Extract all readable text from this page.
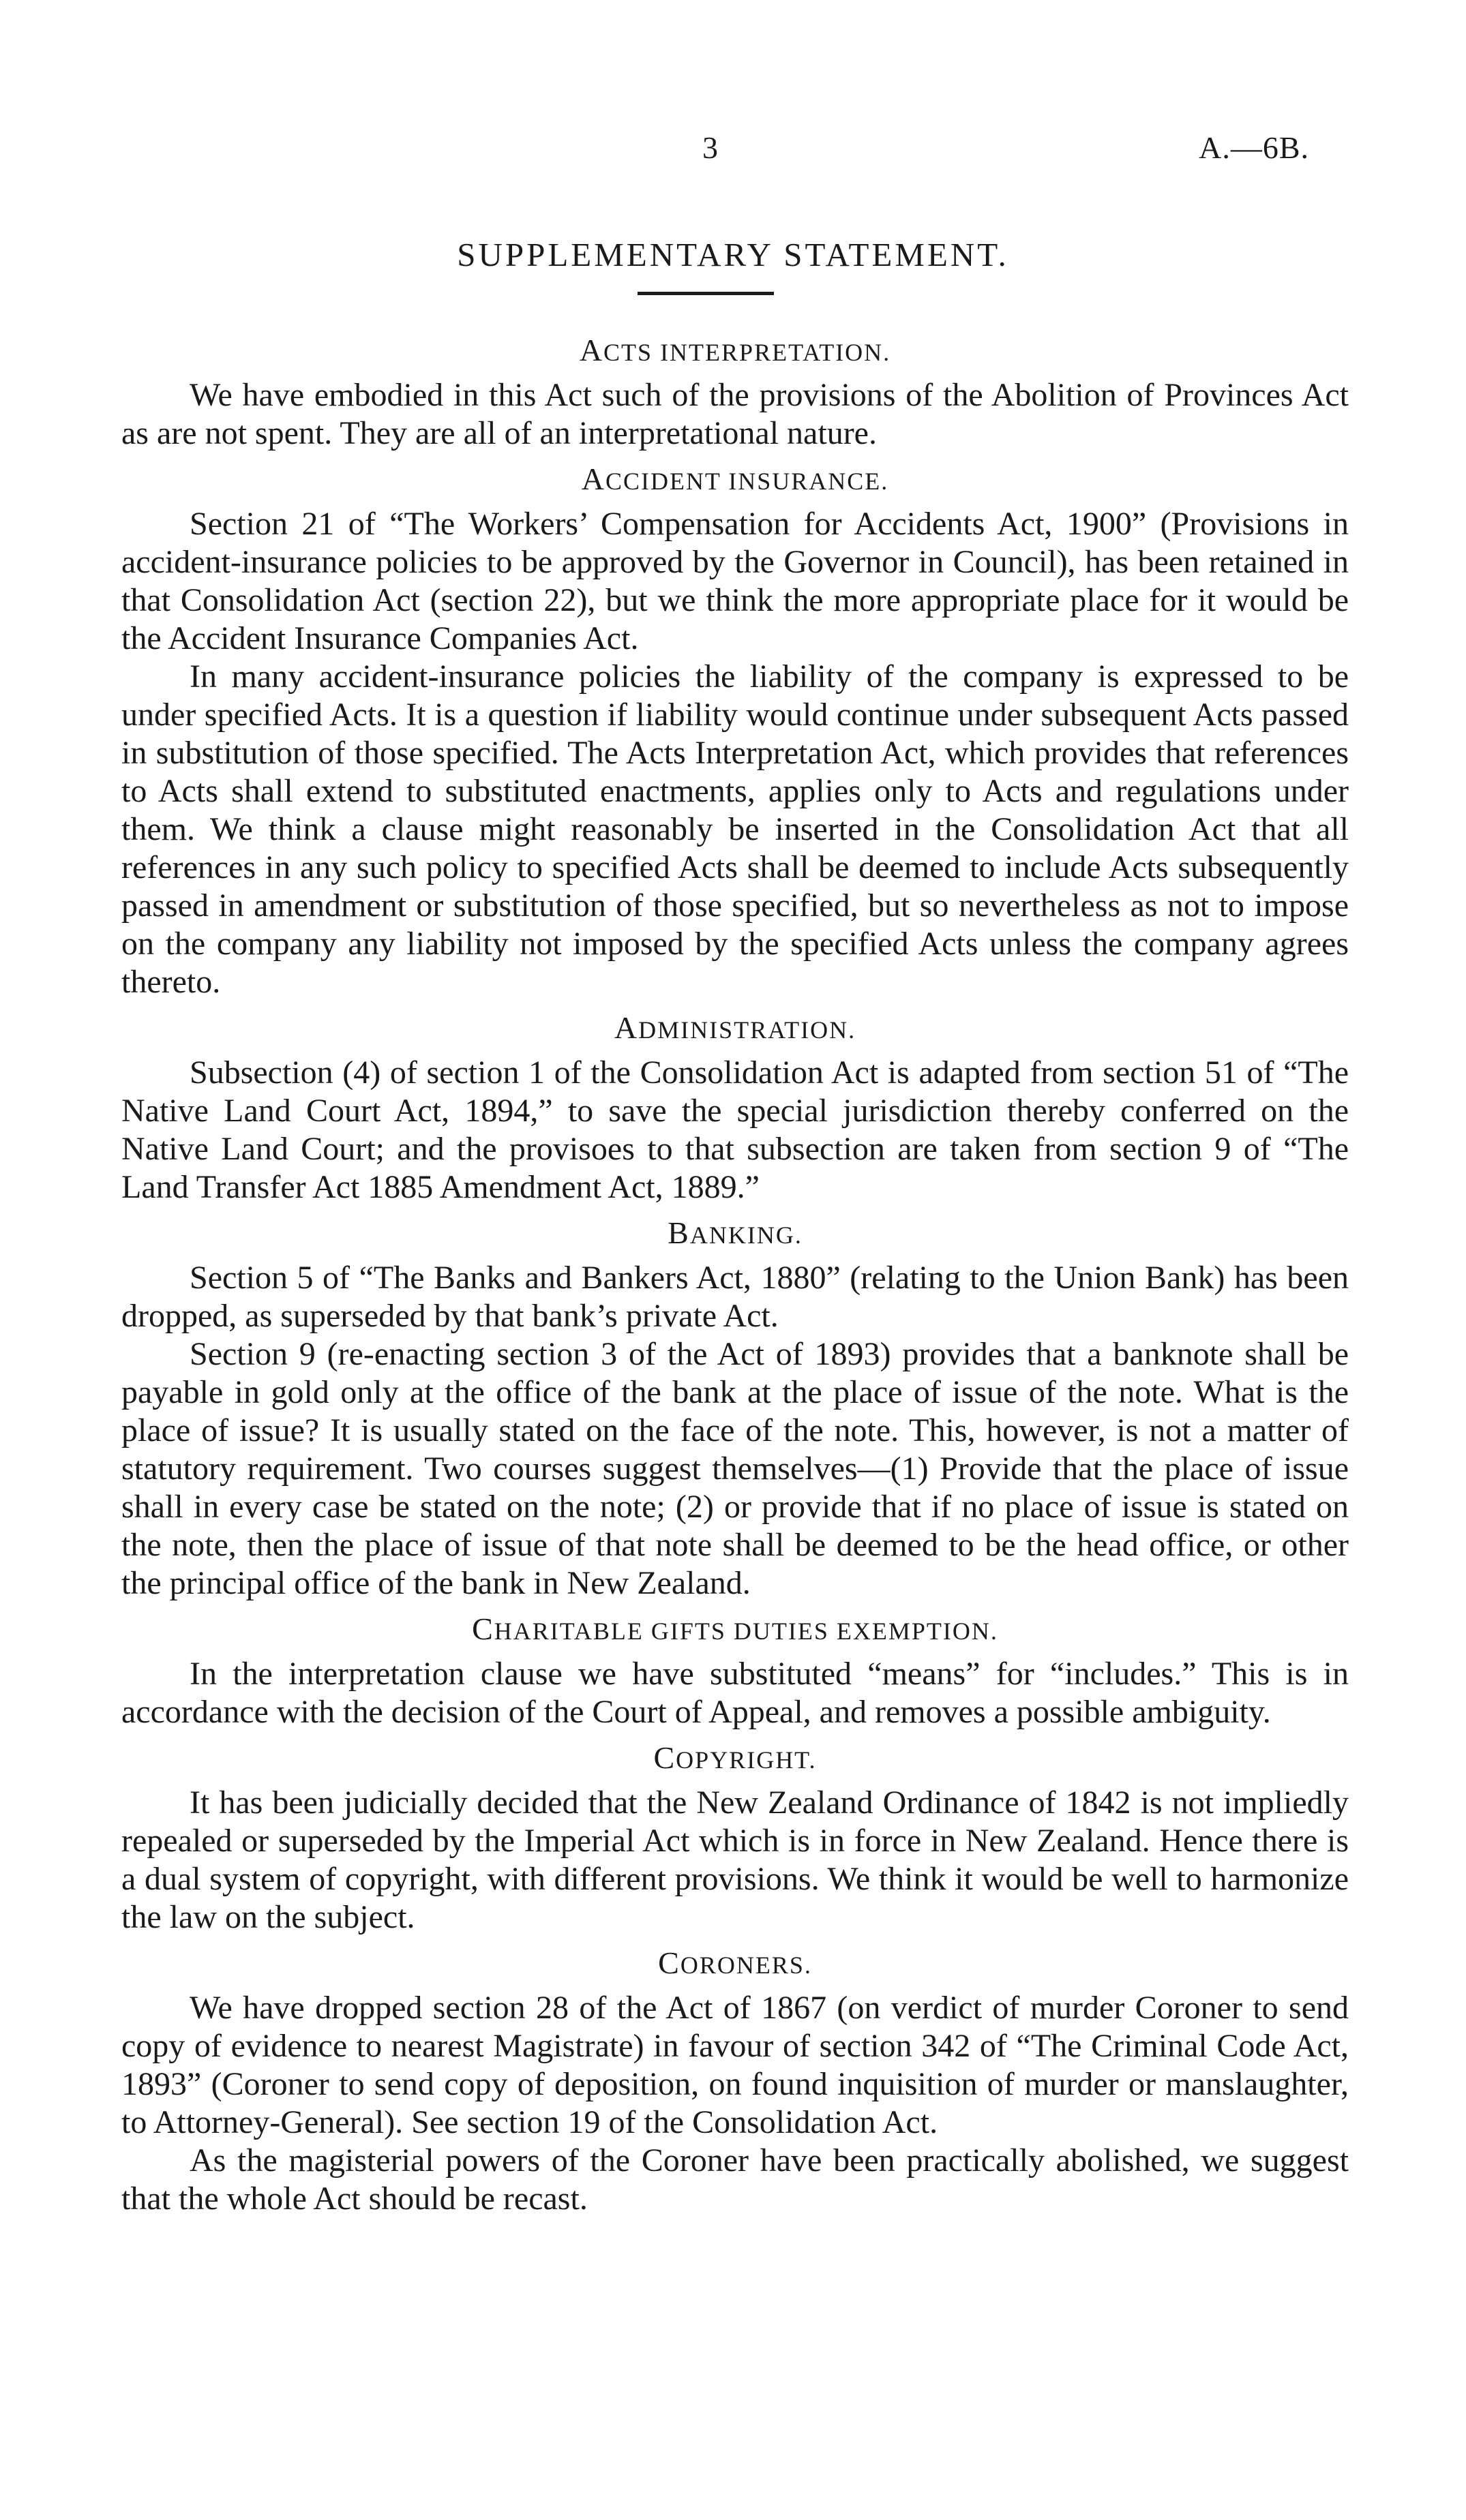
3	A.—6B.
SUPPLEMENTARY STATEMENT.
ACTS INTERPRETATION.

We have embodied in this Act such of the provisions of the Abolition of Provinces Act as are not spent. They are all of an interpretational nature.

ACCIDENT INSURANCE.

Section 21 of “The Workers’ Compensation for Accidents Act, 1900” (Provisions in accident-insurance policies to be approved by the Governor in Council), has been retained in that Consolidation Act (section 22), but we think the more appropriate place for it would be the Accident Insurance Companies Act.

In many accident-insurance policies the liability of the company is expressed to be under specified Acts. It is a question if liability would continue under subsequent Acts passed in substitution of those specified. The Acts Interpretation Act, which provides that references to Acts shall extend to substituted enactments, applies only to Acts and regulations under them. We think a clause might reasonably be inserted in the Consolidation Act that all references in any such policy to specified Acts shall be deemed to include Acts subsequently passed in amendment or substitution of those specified, but so nevertheless as not to impose on the company any liability not imposed by the specified Acts unless the company agrees thereto.

ADMINISTRATION.

Subsection (4) of section 1 of the Consolidation Act is adapted from section 51 of “The Native Land Court Act, 1894,” to save the special jurisdiction thereby conferred on the Native Land Court; and the provisoes to that subsection are taken from section 9 of “The Land Transfer Act 1885 Amendment Act, 1889.”

BANKING.

Section 5 of “The Banks and Bankers Act, 1880” (relating to the Union Bank) has been dropped, as superseded by that bank’s private Act.

Section 9 (re-enacting section 3 of the Act of 1893) provides that a banknote shall be payable in gold only at the office of the bank at the place of issue of the note. What is the place of issue? It is usually stated on the face of the note. This, however, is not a matter of statutory requirement. Two courses suggest themselves—(1) Provide that the place of issue shall in every case be stated on the note; (2) or provide that if no place of issue is stated on the note, then the place of issue of that note shall be deemed to be the head office, or other the principal office of the bank in New Zealand.

CHARITABLE GIFTS DUTIES EXEMPTION.

In the interpretation clause we have substituted “means” for “includes.” This is in accordance with the decision of the Court of Appeal, and removes a possible ambiguity.

COPYRIGHT.

It has been judicially decided that the New Zealand Ordinance of 1842 is not impliedly repealed or superseded by the Imperial Act which is in force in New Zealand. Hence there is a dual system of copyright, with different provisions. We think it would be well to harmonize the law on the subject.

CORONERS.

We have dropped section 28 of the Act of 1867 (on verdict of murder Coroner to send copy of evidence to nearest Magistrate) in favour of section 342 of “The Criminal Code Act, 1893” (Coroner to send copy of deposition, on found inquisition of murder or manslaughter, to Attorney-General). See section 19 of the Consolidation Act.

As the magisterial powers of the Coroner have been practically abolished, we suggest that the whole Act should be recast.
